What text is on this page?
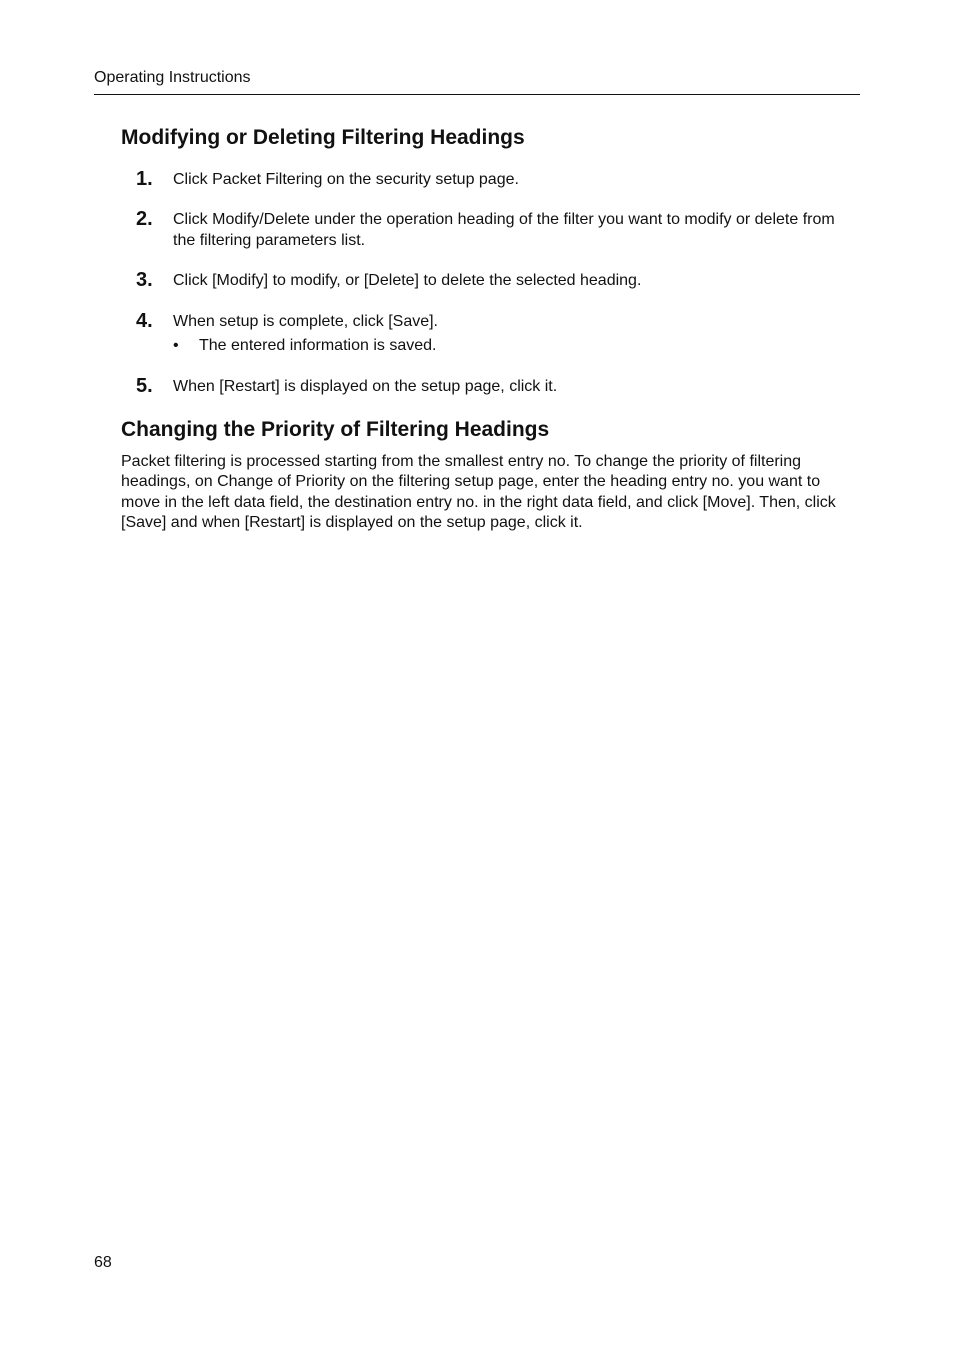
Operating Instructions
Modifying or Deleting Filtering Headings
1. Click Packet Filtering on the security setup page.
2. Click Modify/Delete under the operation heading of the filter you want to modify or delete from the filtering parameters list.
3. Click [Modify] to modify, or [Delete] to delete the selected heading.
4. When setup is complete, click [Save].
• The entered information is saved.
5. When [Restart] is displayed on the setup page, click it.
Changing the Priority of Filtering Headings

Packet filtering is processed starting from the smallest entry no. To change the priority of filtering headings, on Change of Priority on the filtering setup page, enter the heading entry no. you want to move in the left data field, the destination entry no. in the right data field, and click [Move]. Then, click [Save] and when [Restart] is displayed on the setup page, click it.

68
